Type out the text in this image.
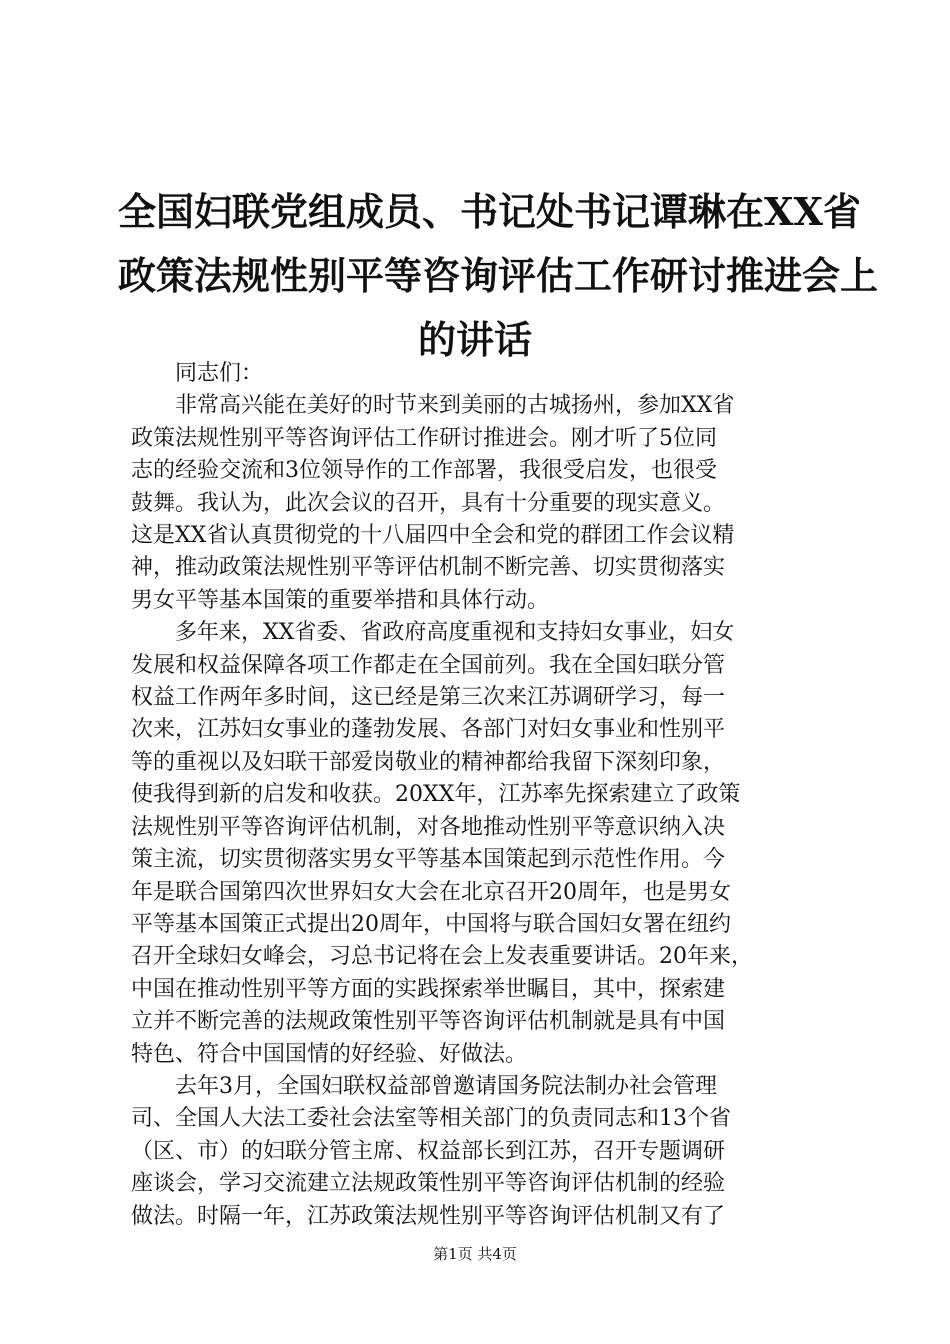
全国妇联党组成员、书记处书记谭琳在XX省
政策法规性别平等咨询评估工作研讨推进会上
的讲话
　　同志们：
　　非常高兴能在美好的时节来到美丽的古城扬州，参加XX省
政策法规性别平等咨询评估工作研讨推进会。刚才听了5位同
志的经验交流和3位领导作的工作部署，我很受启发，也很受
鼓舞。我认为，此次会议的召开，具有十分重要的现实意义。
这是XX省认真贯彻党的十八届四中全会和党的群团工作会议精
神，推动政策法规性别平等评估机制不断完善、切实贯彻落实
男女平等基本国策的重要举措和具体行动。
　　多年来，XX省委、省政府高度重视和支持妇女事业，妇女
发展和权益保障各项工作都走在全国前列。我在全国妇联分管
权益工作两年多时间，这已经是第三次来江苏调研学习，每一
次来，江苏妇女事业的蓬勃发展、各部门对妇女事业和性别平
等的重视以及妇联干部爱岗敬业的精神都给我留下深刻印象，
使我得到新的启发和收获。20XX年，江苏率先探索建立了政策
法规性别平等咨询评估机制，对各地推动性别平等意识纳入决
策主流，切实贯彻落实男女平等基本国策起到示范性作用。今
年是联合国第四次世界妇女大会在北京召开20周年，也是男女
平等基本国策正式提出20周年，中国将与联合国妇女署在纽约
召开全球妇女峰会，习总书记将在会上发表重要讲话。20年来，
中国在推动性别平等方面的实践探索举世瞩目，其中，探索建
立并不断完善的法规政策性别平等咨询评估机制就是具有中国
特色、符合中国国情的好经验、好做法。
　　去年3月，全国妇联权益部曾邀请国务院法制办社会管理
司、全国人大法工委社会法室等相关部门的负责同志和13个省
（区、市）的妇联分管主席、权益部长到江苏，召开专题调研
座谈会，学习交流建立法规政策性别平等咨询评估机制的经验
做法。时隔一年，江苏政策法规性别平等咨询评估机制又有了
第1页 共4页
